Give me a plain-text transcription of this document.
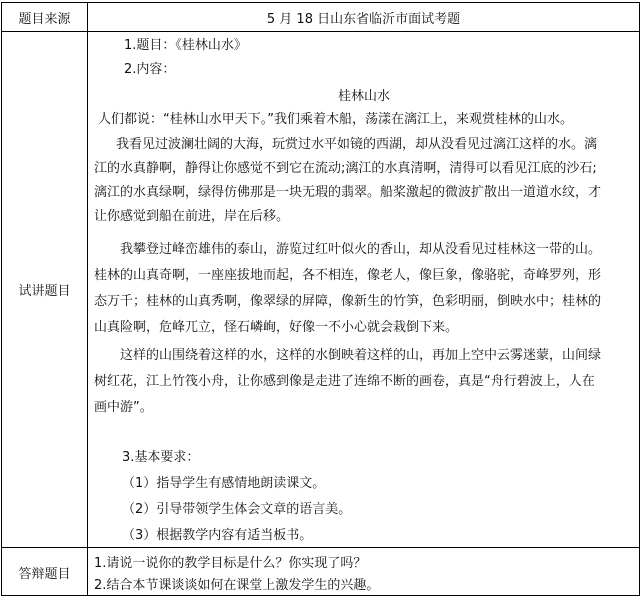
题目来源	5 月 18 日山东省临沂市面试考题
试讲题目
1.题目：《桂林山水》
2.内容：
桂林山水
人们都说：“桂林山水甲天下。”我们乘着木船，荡漾在漓江上，来观赏桂林的山水。
我看见过波澜壮阔的大海，玩赏过水平如镜的西湖，却从没看见过漓江这样的水。漓
江的水真静啊，静得让你感觉不到它在流动;漓江的水真清啊，清得可以看见江底的沙石;
漓江的水真绿啊，绿得仿佛那是一块无瑕的翡翠。船桨激起的微波扩散出一道道水纹，才
让你感觉到船在前进，岸在后移。
我攀登过峰峦雄伟的泰山，游览过红叶似火的香山，却从没看见过桂林这一带的山。
桂林的山真奇啊，一座座拔地而起，各不相连，像老人，像巨象，像骆驼，奇峰罗列，形
态万千；桂林的山真秀啊，像翠绿的屏障，像新生的竹笋，色彩明丽，倒映水中；桂林的
山真险啊，危峰兀立，怪石嶙峋，好像一不小心就会栽倒下来。
这样的山围绕着这样的水，这样的水倒映着这样的山，再加上空中云雾迷蒙，山间绿
树红花，江上竹筏小舟，让你感到像是走进了连绵不断的画卷，真是“舟行碧波上，人在
画中游”。
3.基本要求：
（1）指导学生有感情地朗读课文。
（2）引导带领学生体会文章的语言美。
（3）根据教学内容有适当板书。
答辩题目
1.请说一说你的教学目标是什么？你实现了吗？
2.结合本节课谈谈如何在课堂上激发学生的兴趣。
